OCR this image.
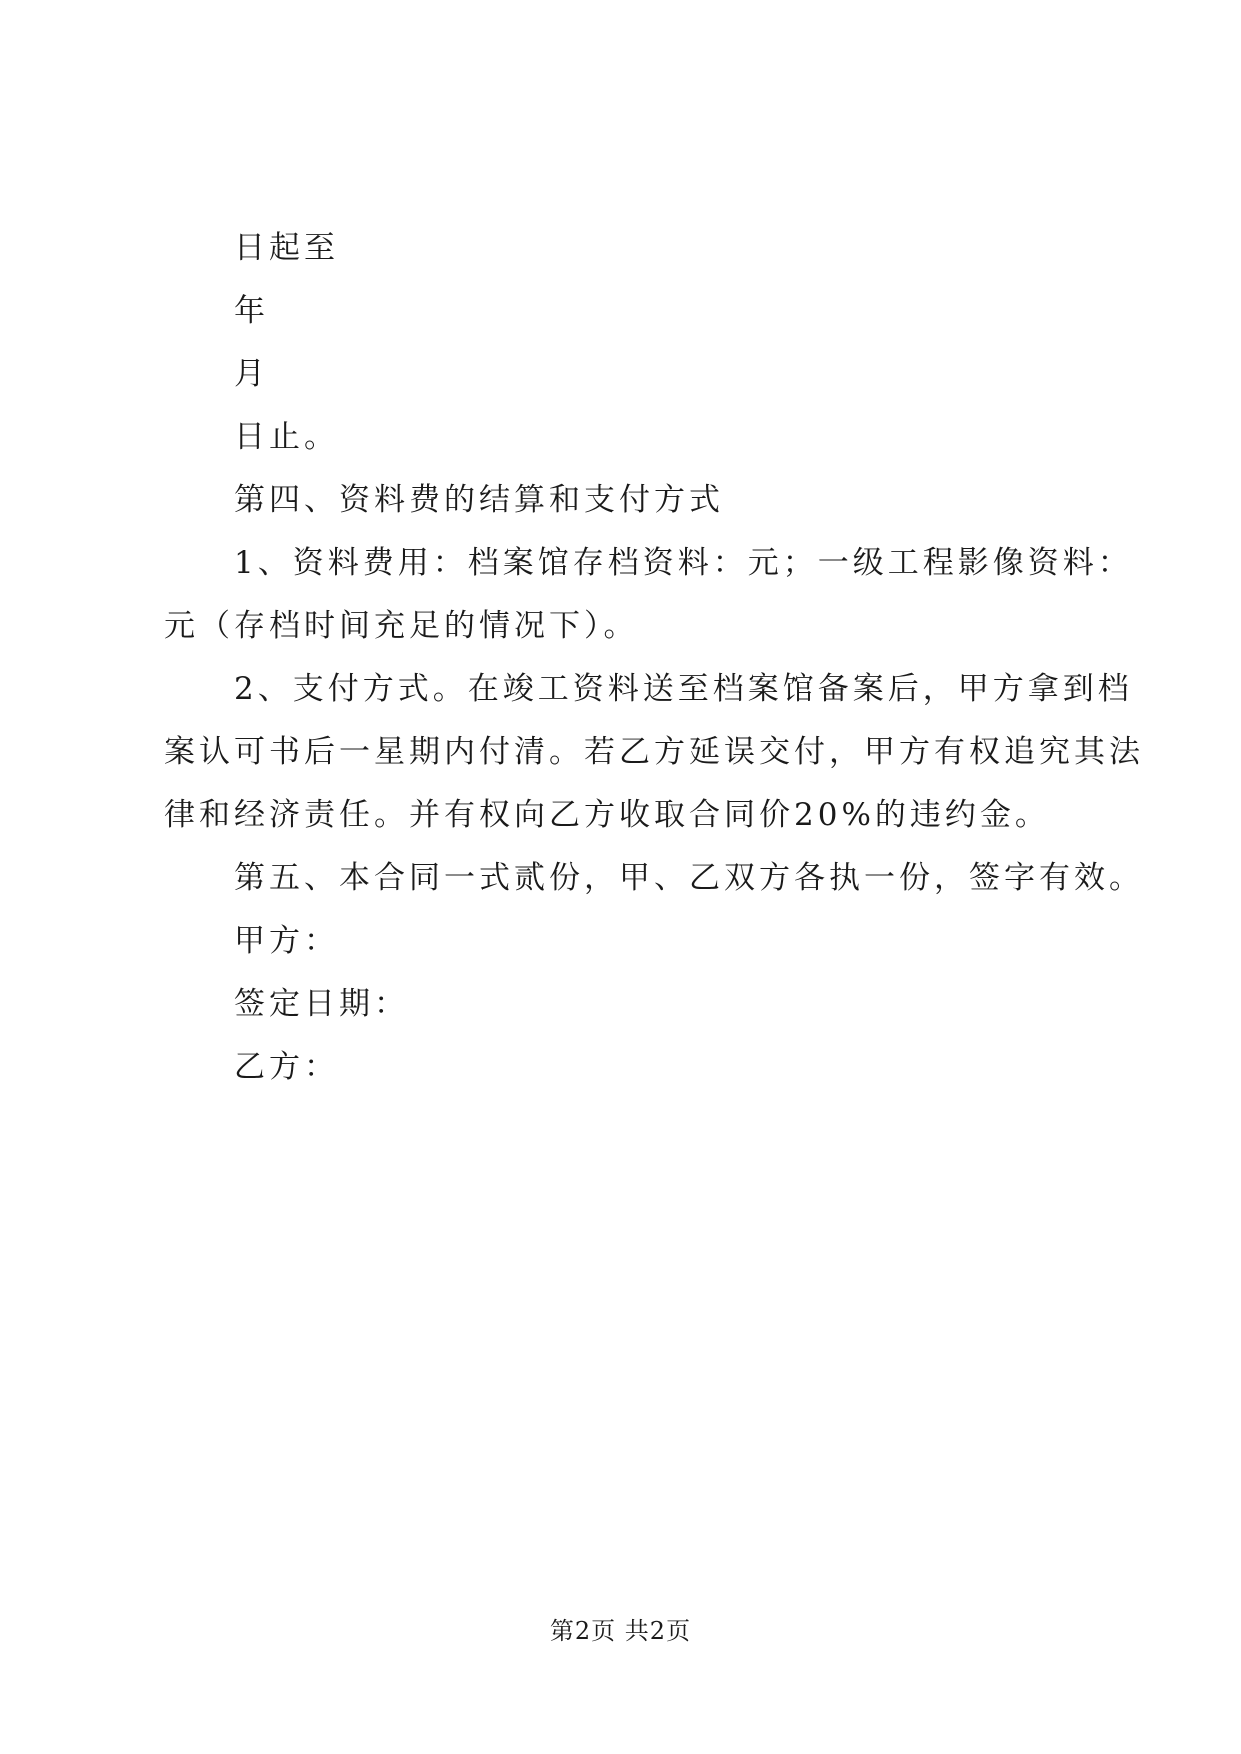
日起至
年
月
日止。
第四、资料费的结算和支付方式
1、资料费用：档案馆存档资料：元；一级工程影像资料：
元（存档时间充足的情况下）。
2、支付方式。在竣工资料送至档案馆备案后，甲方拿到档
案认可书后一星期内付清。若乙方延误交付，甲方有权追究其法
律和经济责任。并有权向乙方收取合同价20%的违约金。
第五、本合同一式贰份，甲、乙双方各执一份，签字有效。
甲方：
签定日期：
乙方：
第2页 共2页
